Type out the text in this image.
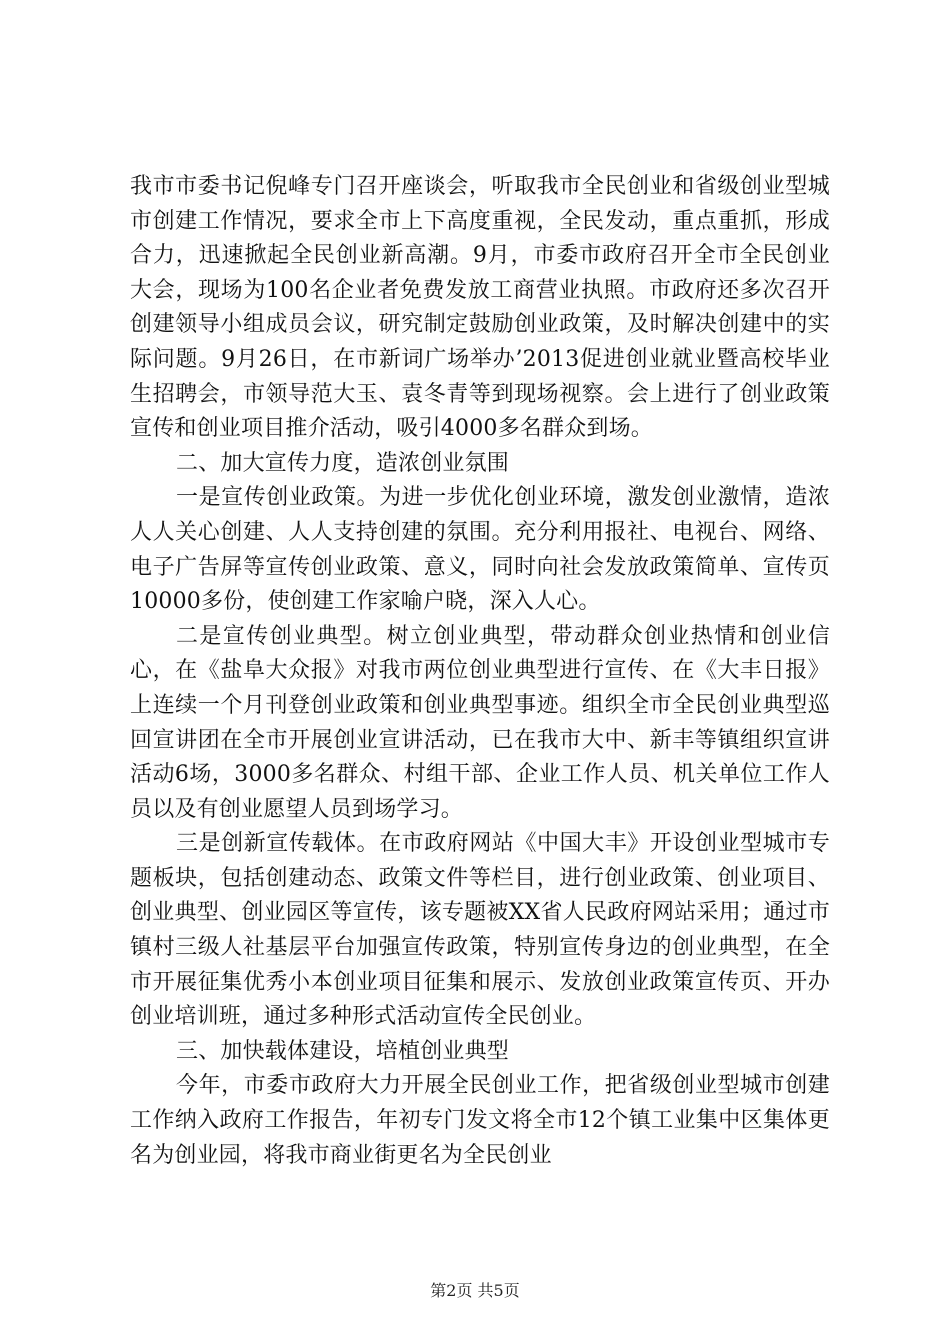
我市市委书记倪峰专门召开座谈会，听取我市全民创业和省级创业型城市创建工作情况，要求全市上下高度重视，全民发动，重点重抓，形成合力，迅速掀起全民创业新高潮。9月，市委市政府召开全市全民创业大会，现场为100名企业者免费发放工商营业执照。市政府还多次召开创建领导小组成员会议，研究制定鼓励创业政策，及时解决创建中的实际问题。9月26日，在市新词广场举办’2013促进创业就业暨高校毕业生招聘会，市领导范大玉、袁冬青等到现场视察。会上进行了创业政策宣传和创业项目推介活动，吸引4000多名群众到场。

二、加大宣传力度，造浓创业氛围

一是宣传创业政策。为进一步优化创业环境，激发创业激情，造浓人人关心创建、人人支持创建的氛围。充分利用报社、电视台、网络、电子广告屏等宣传创业政策、意义，同时向社会发放政策简单、宣传页10000多份，使创建工作家喻户晓，深入人心。

二是宣传创业典型。树立创业典型，带动群众创业热情和创业信心，在《盐阜大众报》对我市两位创业典型进行宣传、在《大丰日报》上连续一个月刊登创业政策和创业典型事迹。组织全市全民创业典型巡回宣讲团在全市开展创业宣讲活动，已在我市大中、新丰等镇组织宣讲活动6场，3000多名群众、村组干部、企业工作人员、机关单位工作人员以及有创业愿望人员到场学习。

三是创新宣传载体。在市政府网站《中国大丰》开设创业型城市专题板块，包括创建动态、政策文件等栏目，进行创业政策、创业项目、创业典型、创业园区等宣传，该专题被XX省人民政府网站采用；通过市镇村三级人社基层平台加强宣传政策，特别宣传身边的创业典型，在全市开展征集优秀小本创业项目征集和展示、发放创业政策宣传页、开办创业培训班，通过多种形式活动宣传全民创业。

三、加快载体建设，培植创业典型

今年，市委市政府大力开展全民创业工作，把省级创业型城市创建工作纳入政府工作报告，年初专门发文将全市12个镇工业集中区集体更名为创业园，将我市商业街更名为全民创业

第2页 共5页
